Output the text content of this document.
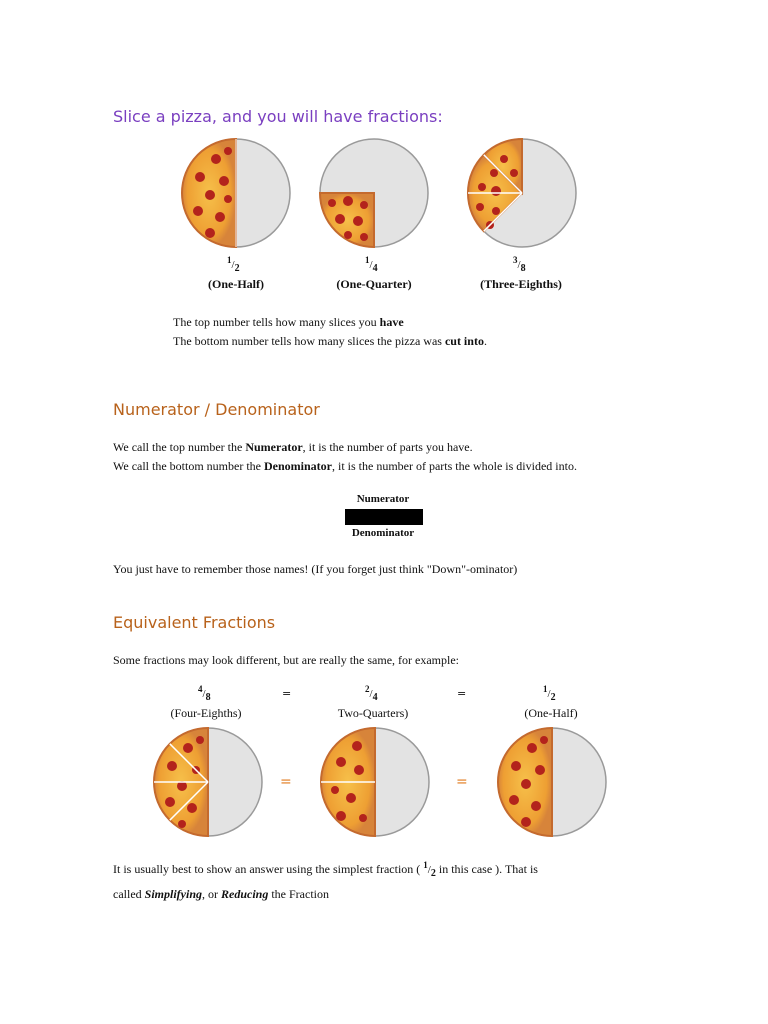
Slice a pizza, and you will have fractions:
$^1/_2$
$^1/_4$
$^3/_8$
(One-Half)	(One-Quarter)	(Three-Eighths)
The top number tells how many slices you have
The bottom number tells how many slices the pizza was cut into.
Numerator / Denominator
We call the top number the Numerator, it is the number of parts you have.
We call the bottom number the Denominator, it is the number of parts the whole is divided into.
Numerator
Denominator
You just have to remember those names! (If you forget just think "Down"-ominator)
Equivalent Fractions
Some fractions may look different, but are really the same, for example:
$^4/_8$	=	$^2/_4$	=	$^1/_2$
(Four-Eighths)	Two-Quarters)	(One-Half)
=	=
It is usually best to show an answer using the simplest fraction ( $^1/_2$ in this case ). That is
called Simplifying, or Reducing the Fraction
